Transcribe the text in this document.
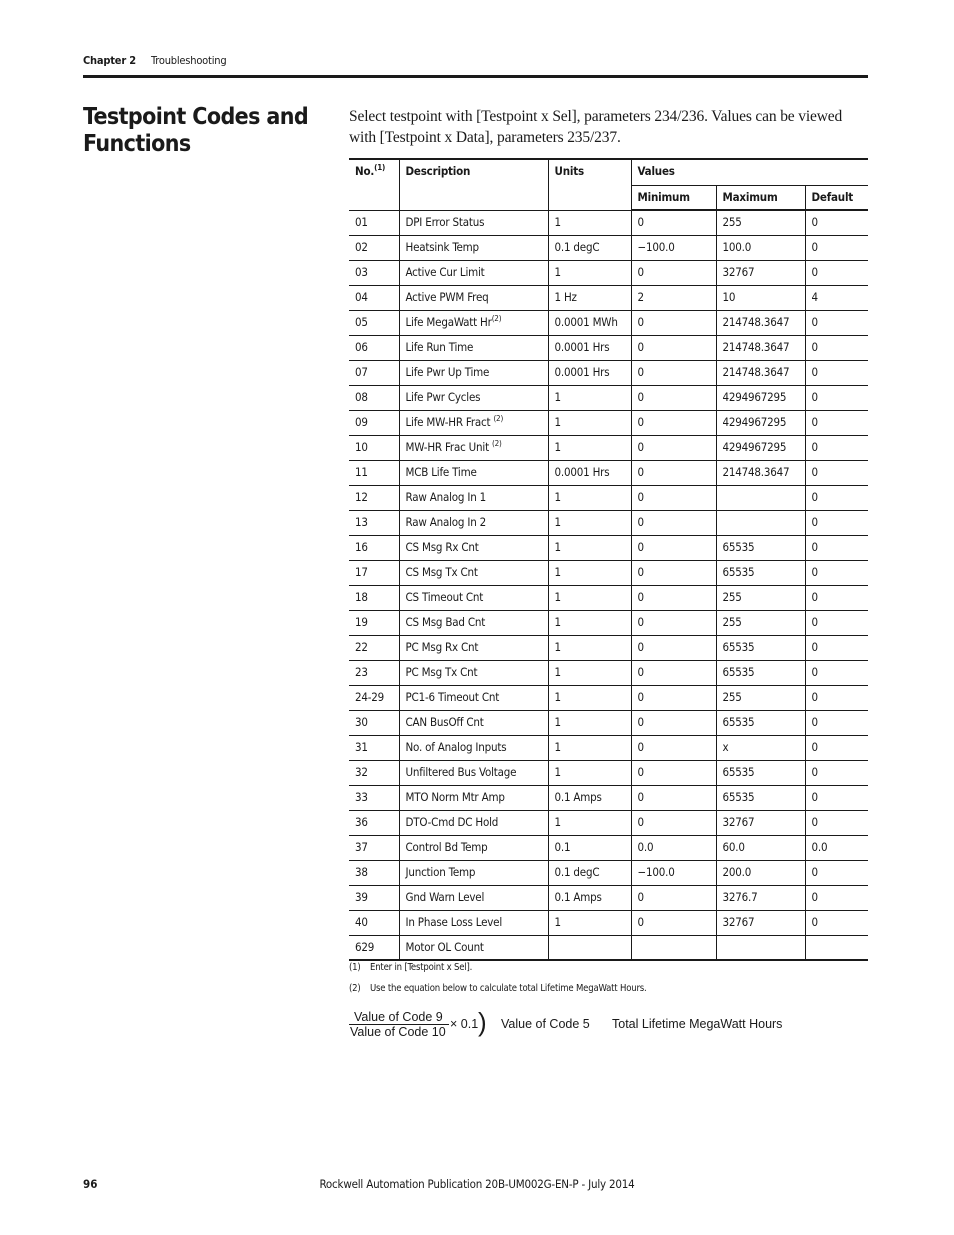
Chapter 2 Troubleshooting
Testpoint Codes and Functions

Select testpoint with [Testpoint x Sel], parameters 234/236. Values can be viewed with [Testpoint x Data], parameters 235/237.

No.$^{(1)}$	Description	Units	Values		
			Minimum	Maximum	Default
01	DPI Error Status	1	0	255	0
02	Heatsink Temp	0.1 degC	−100.0	100.0	0
03	Active Cur Limit	1	0	32767	0
04	Active PWM Freq	1 Hz	2	10	4
05	Life MegaWatt Hr$^{(2)}$	0.0001 MWh	0	214748.3647	0
06	Life Run Time	0.0001 Hrs	0	214748.3647	0
07	Life Pwr Up Time	0.0001 Hrs	0	214748.3647	0
08	Life Pwr Cycles	1	0	4294967295	0
09	Life MW-HR Fract $^{(2)}$	1	0	4294967295	0
10	MW-HR Frac Unit $^{(2)}$	1	0	4294967295	0
11	MCB Life Time	0.0001 Hrs	0	214748.3647	0
12	Raw Analog In 1	1	0		0
13	Raw Analog In 2	1	0		0
16	CS Msg Rx Cnt	1	0	65535	0
17	CS Msg Tx Cnt	1	0	65535	0
18	CS Timeout Cnt	1	0	255	0
19	CS Msg Bad Cnt	1	0	255	0
22	PC Msg Rx Cnt	1	0	65535	0
23	PC Msg Tx Cnt	1	0	65535	0
24-29	PC1-6 Timeout Cnt	1	0	255	0
30	CAN BusOff Cnt	1	0	65535	0
31	No. of Analog Inputs	1	0	x	0
32	Unfiltered Bus Voltage	1	0	65535	0
33	MTO Norm Mtr Amp	0.1 Amps	0	65535	0
36	DTO-Cmd DC Hold	1	0	32767	0
37	Control Bd Temp	0.1	0.0	60.0	0.0
38	Junction Temp	0.1 degC	−100.0	200.0	0
39	Gnd Warn Level	0.1 Amps	0	3276.7	0
40	In Phase Loss Level	1	0	32767	0
629	Motor OL Count				
(1) Enter in [Testpoint x Sel].
(2) Use the equation below to calculate total Lifetime MegaWatt Hours.
Value of Code 9
Value of Code 10
× 0.1 ) Value of Code 5 Total Lifetime MegaWatt Hours
96	Rockwell Automation Publication 20B-UM002G-EN-P - July 2014
